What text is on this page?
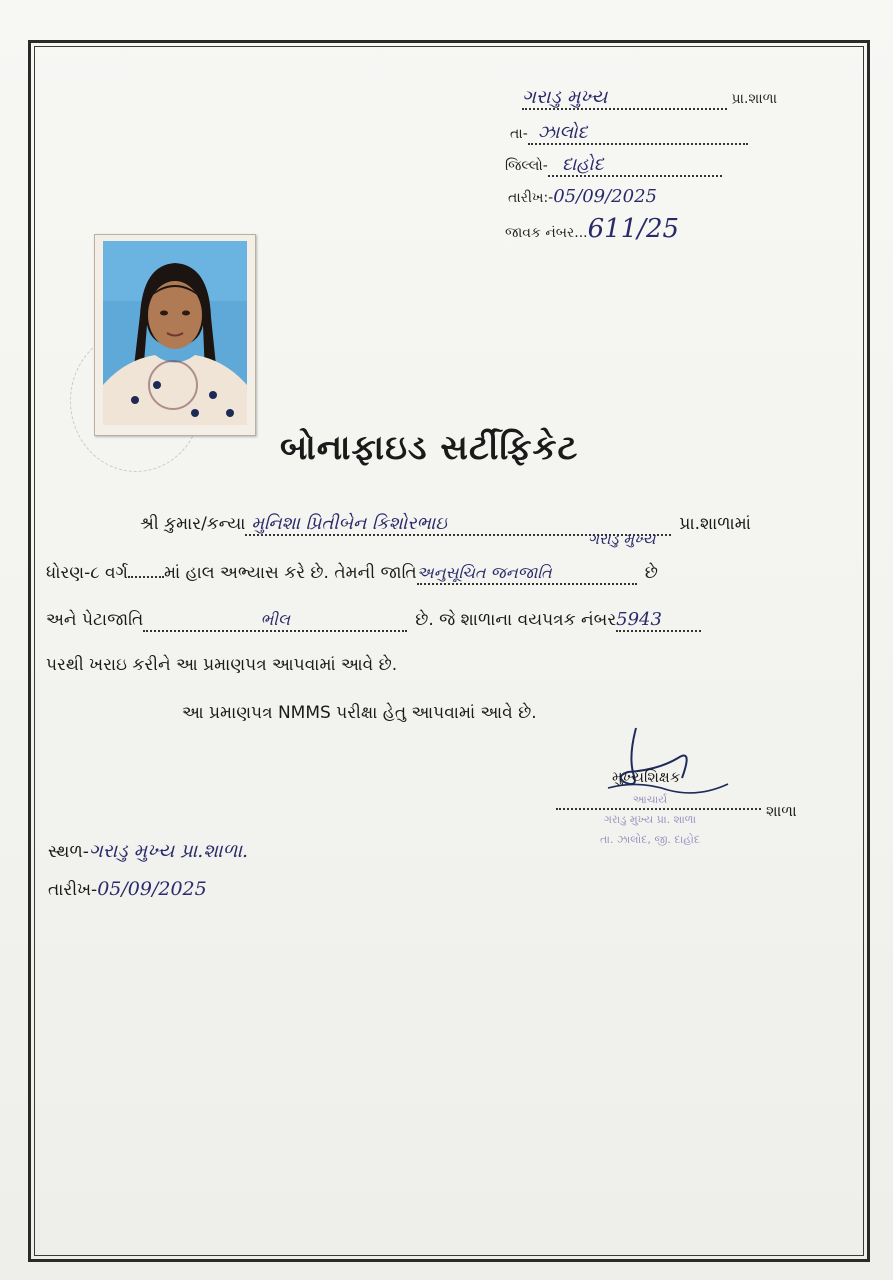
ગરાડુ મુખ્ય	પ્રા.શાળા
તા- ઝાલોદ
જિલ્લો- દાહોદ
તારીખ:-05/09/2025
જાવક નંબર...611/25
બોનાફાઇડ સર્ટીફિકેટ
શ્રી કુમાર/કન્યા મુનિશા પ્રિતીબેન કિશોરભાઇ	પ્રા.શાળામાં
ગરાડુ મુખ્ય
ધોરણ-૮ વર્ગ માં હાલ અભ્યાસ કરે છે. તેમની જાતિઅનુસૂચિત જનજાતિ	છે
અને પેટાજાતિ	ભીલ	છે. જે શાળાના વયપત્રક નંબર5943
પરથી ખરાઇ કરીને આ પ્રમાણપત્ર આપવામાં આવે છે.
આ પ્રમાણપત્ર NMMS પરીક્ષા હેતુ આપવામાં આવે છે.
મુખ્યશિક્ષક
શાળા
આચાર્ય
ગરાડુ મુખ્ય પ્રા. શાળા
તા. ઝાલોદ, જી. દાહોદ
સ્થળ-ગરાડુ મુખ્ય પ્રા.શાળા.
તારીખ-05/09/2025
